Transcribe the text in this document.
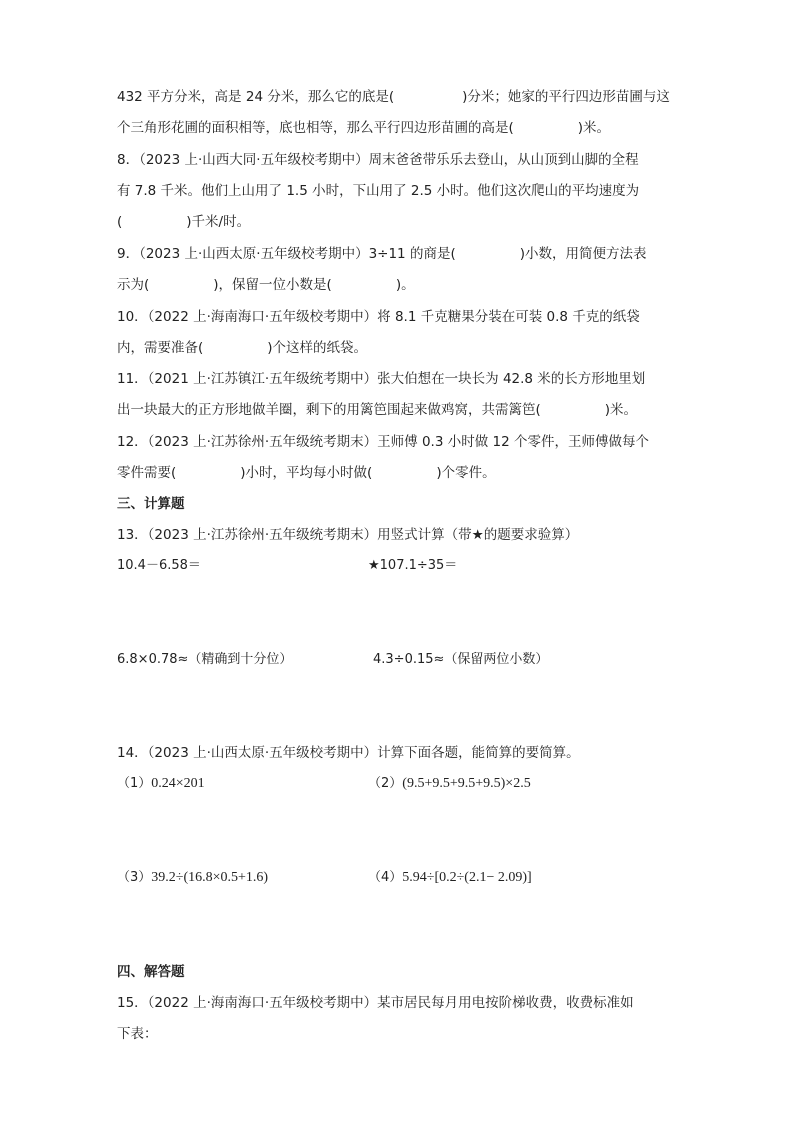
432 平方分米，高是 24 分米，那么它的底是(	)分米；她家的平行四边形苗圃与这
个三角形花圃的面积相等，底也相等，那么平行四边形苗圃的高是(	)米。
8．（2023 上·山西大同·五年级校考期中）周末爸爸带乐乐去登山，从山顶到山脚的全程
有 7.8 千米。他们上山用了 1.5 小时，下山用了 2.5 小时。他们这次爬山的平均速度为
(	)千米/时。
9．（2023 上·山西太原·五年级校考期中）3÷11 的商是(	)小数，用简便方法表
示为(	)，保留一位小数是(	)。
10．（2022 上·海南海口·五年级校考期中）将 8.1 千克糖果分装在可装 0.8 千克的纸袋
内，需要准备(	)个这样的纸袋。
11．（2021 上·江苏镇江·五年级统考期中）张大伯想在一块长为 42.8 米的长方形地里划
出一块最大的正方形地做羊圈，剩下的用篱笆围起来做鸡窝，共需篱笆(	)米。
12．（2023 上·江苏徐州·五年级统考期末）王师傅 0.3 小时做 12 个零件，王师傅做每个
零件需要(	)小时，平均每小时做(	)个零件。
三、计算题
13．（2023 上·江苏徐州·五年级统考期末）用竖式计算（带★的题要求验算）
10.4－6.58＝	★107.1÷35＝
6.8×0.78≈（精确到十分位）	4.3÷0.15≈（保留两位小数）
14．（2023 上·山西太原·五年级校考期中）计算下面各题，能简算的要简算。
（1）0.24×201	（2）(9.5+9.5+9.5+9.5)×2.5
（3）39.2÷(16.8×0.5+1.6)	（4）5.94÷[0.2÷(2.1− 2.09)]
四、解答题
15．（2022 上·海南海口·五年级校考期中）某市居民每月用电按阶梯收费，收费标准如
下表：
